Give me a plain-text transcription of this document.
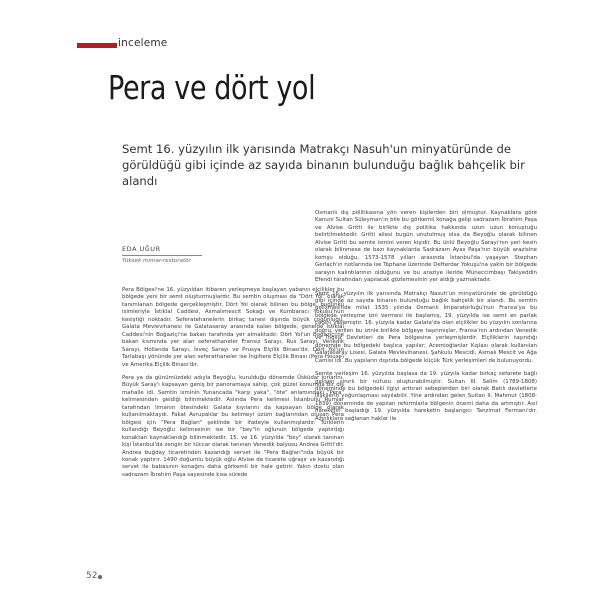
inceleme
Pera ve dört yol
Semt 16. yüzyılın ilk yarısında Matrakçı Nasuh'un minyatüründe de görüldüğü gibi içinde az sayıda binanın bulunduğu bağlık bahçelik bir alandı
EDA UĞUR
Yüksek mimar-restoratör

Pera Bölgesi'ne 16. yüzyıldan itibaren yerleşmeye başlayan yabancı elçilikler bu bölgede yeni bir semt oluşturmuşlardır. Bu semtin oluşması da "Dört Yol" olarak tanımlanan bölgede gerçekleşmiştir. Dört Yol olarak bilinen bu bölge, bugünkü isimleriyle İstiklal Caddesi, Asmalımescit Sokağı ve Kumbaracı Yokuşu'nun kesiştiği noktadır. Seferatehanelerin birkaç tanesi dışında büyük çoğunluğu, Galata Mevlevihanesi ile Galatasaray arasında kalan bölgede, genelde İstiklal Caddesi'nin Boğaziçi'ne bakan tarafında yer almaktadır. Dört Yol'un Boğaziçi'ne bakan kısmında yer alan seferathaneler Fransız Sarayı, Rus Sarayı, Venedik Sarayı, Hollanda Sarayı, İsveç Sarayı ve Prusya Elçilik Binası'dır. Dört Yol'un Tarlabaşı yönünde yer alan seferathaneler ise İngiltere Elçilik Binası (Pera House) ve Amerika Elçilik Binası'dır.

Pera ya da günümüzdeki adıyla Beyoğlu, kurulduğu dönemde Üsküdar kırlarını, Büyük Saray'ı kapsayan geniş bir panoramaya sahip, çok güzel konumda bir dış mahalle idi. Semtin isminin Yunancada "karşı yaka", "öte" anlamındaki "Pera" kelimesinden geldiği bilinmektedir. Aslında Pera kelimesi İstanbullu Rumlar tarafından limanın ötesindeki Galata kıyılarını da kapsayan bölge olarak kullanılmaktaydı. Fakat Avrupalılar bu kelimeyi üzüm bağlarından oluşan Pera bölgesi için "Pera Bağları" şeklinde bir ifadeyle kullanmışlardır. Türklerin kullandığı Beyoğlu kelimesinin ise bir "bey"in oğlunun bölgede yaptırdığı konaktan kaynaklandığı bilinmektedir. 15. ve 16. yüzyılda "bey" olarak tanınan kişi İstanbul'da zengin bir tüccar olarak tanınan Venedik balyosu Andrea Gritti'dir. Andrea buğday ticaretinden kazandığı servet ile "Pera Bağları"nda büyük bir konak yaptırır. 1490 doğumlu büyük oğlu Alvise de ticarete uğraşır ve kazandığı servet ile babasının konağını daha görkemli bir hale getirir. Yakın dostu olan sadrazam İbrahim Paşa sayesinde kısa sürede

Osmanlı dış politikasına yön veren kişilerden biri olmuştur. Kaynaklara göre Kanuni Sultan Süleyman'ın bile bu görkemli konağa gelip sadrazam İbrahim Paşa ve Alvise Gritti ile birlikte dış politika hakkında uzun uzun konuştuğu belirtilmektedir. Gritti ailesi bugün unutulmuş olsa da Beyoğlu olarak bilinen Alvise Gritti bu semte ismini veren kişidir. Bu ünlü Beyoğlu Sarayı'nın yeri kesin olarak bilinmese de bazı kaynaklarda Sadrazam Ayas Paşa'nın büyük arazisine komşu olduğu, 1573-1578 yılları arasında İstanbul'da yaşayan Stephan Gerlach'ın notlarında ise Tophane üzerinde Defterdar Yokuşu'na yakın bir bölgede sarayın kalıntılarının olduğunu ve bu araziye ileride Müneccimbaşı Takiyeddin Efendi tarafından yapılacak gözlemevinin yer aldığı yazmaktadır.

Semt 16. yüzyılın ilk yarısında Matrakçı Nasuh'un minyatüründe de görüldüğü gibi içinde az sayıda binanın bulunduğu bağlık bahçelik bir alandı. Bu semtin gelişmesinde milat 1535 yılında Osmanlı İmparatorluğu'nun Fransa'ya bu bölgede yerleşme izni vermesi ile başlamış, 19. yüzyılda ise semt en parlak çağını yaşamıştır. 16. yüzyıla kadar Galata'da olan elçilikler bu yüzyılın sonlarına doğru, verilen bu izinle birlikte bölgeye taşınmışlar, Fransa'nın ardından Venedik ve İngiliz Devletleri de Pera bölgesine yerleşmişlerdir. Elçiliklerin taşındığı dönemde bu bölgedeki başlıca yapılar; Acemioğlanlar Kışlası olarak kullanılan Galatasaray Lisesi, Galata Mevlevihanesi, Şahkulu Mescidi, Asmalı Mescit ve Ağa Camisi idi. Bu yapıların dışında bölgede küçük Türk yerleşimleri de bulunuyordu.

Semte yerleşim 16. yüzyılda başlasa da 19. yüzyıla kadar birkaç sefarete bağlı gelişen sınırlı bir nüfusu oluşturabilmiştir. Sultan III. Selim (1789-1808) döneminde bu bölgedeki ilgiyi arttıran sebeplerden biri olarak Batılı devletlerle ilişkilerin yoğunlaşması sayılabilir. Yine ardından gelen Sultan II. Mahmut (1808-1839) döneminde de yapılan reformlarla bölgenin önemi daha da artmıştır. Asıl hareketin başladığı 19. yüzyılda hareketin başlangıcı Tanzimat Fermanı'dır. Azınlıklara sağlanan haklar ile

52
